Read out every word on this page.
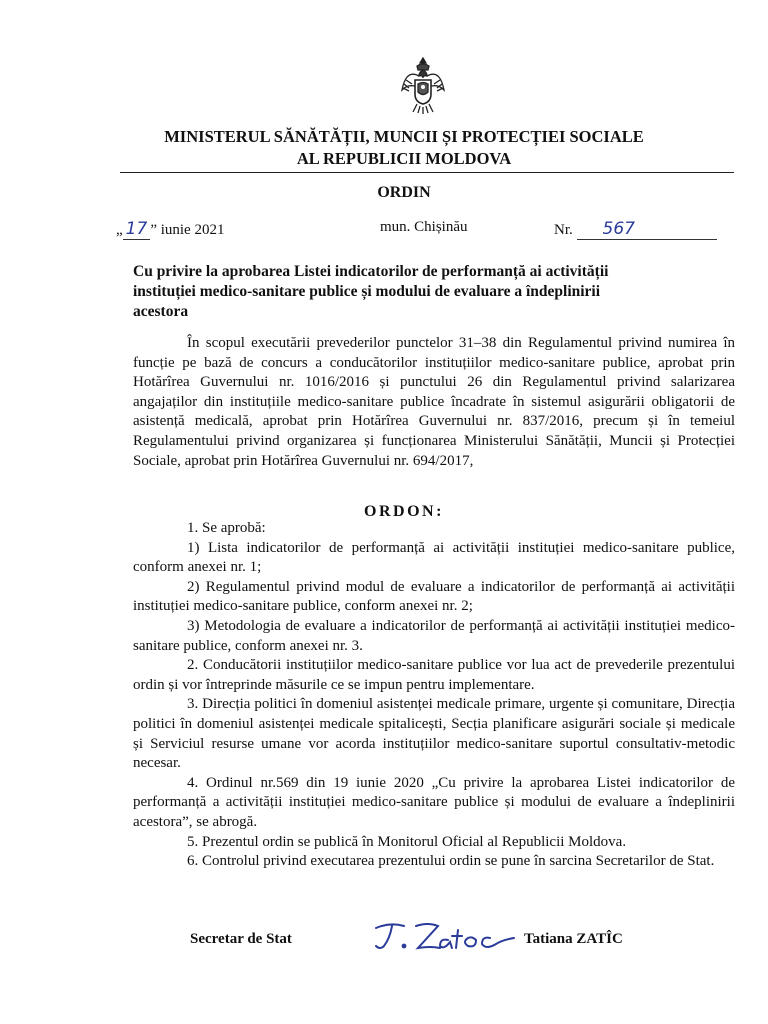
MINISTERUL SĂNĂTĂȚII, MUNCII ȘI PROTECȚIEI SOCIALE
AL REPUBLICII MOLDOVA
ORDIN
„ 17 ” iunie 2021	mun. Chișinău	Nr. 567
Cu privire la aprobarea Listei indicatorilor de performanță ai activității instituției medico-sanitare publice și modului de evaluare a îndeplinirii acestora
În scopul executării prevederilor punctelor 31–38 din Regulamentul privind numirea în funcție pe bază de concurs a conducătorilor instituțiilor medico-sanitare publice, aprobat prin Hotărîrea Guvernului nr. 1016/2016 și punctului 26 din Regulamentul privind salarizarea angajaților din instituțiile medico-sanitare publice încadrate în sistemul asigurării obligatorii de asistență medicală, aprobat prin Hotărîrea Guvernului nr. 837/2016, precum și în temeiul Regulamentului privind organizarea și funcționarea Ministerului Sănătății, Muncii și Protecției Sociale, aprobat prin Hotărîrea Guvernului nr. 694/2017,
ORDON:

1. Se aprobă:

1) Lista indicatorilor de performanță ai activității instituției medico-sanitare publice, conform anexei nr. 1;

2) Regulamentul privind modul de evaluare a indicatorilor de performanță ai activității instituției medico-sanitare publice, conform anexei nr. 2;

3) Metodologia de evaluare a indicatorilor de performanță ai activității instituției medico-sanitare publice, conform anexei nr. 3.

2. Conducătorii instituțiilor medico-sanitare publice vor lua act de prevederile prezentului ordin și vor întreprinde măsurile ce se impun pentru implementare.

3. Direcția politici în domeniul asistenței medicale primare, urgente și comunitare, Direcția politici în domeniul asistenței medicale spitalicești, Secția planificare asigurări sociale și medicale și Serviciul resurse umane vor acorda instituțiilor medico-sanitare suportul consultativ-metodic necesar.

4. Ordinul nr.569 din 19 iunie 2020 „Cu privire la aprobarea Listei indicatorilor de performanță a activității instituției medico-sanitare publice și modului de evaluare a îndeplinirii acestora”, se abrogă.

5. Prezentul ordin se publică în Monitorul Oficial al Republicii Moldova.

6. Controlul privind executarea prezentului ordin se pune în sarcina Secretarilor de Stat.

Secretar de Stat	Tatiana ZATÎC
